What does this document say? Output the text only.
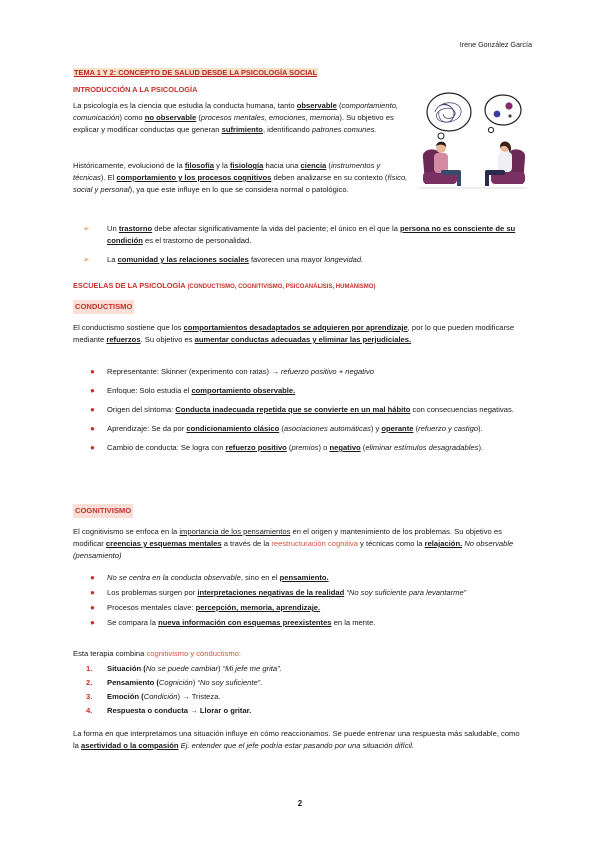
Irene González García
TEMA 1 Y 2: CONCEPTO DE SALUD DESDE LA PSICOLOGÍA SOCIAL
INTRODUCCIÓN A LA PSICOLOGÍA
La psicología es la ciencia que estudia la conducta humana, tanto observable (comportamiento, comunicación) como no observable (procesos mentales, emociones, memoria). Su objetivo es explicar y modificar conductas que generan sufrimiento, identificando patrones comunes.
Históricamente, evolucionó de la filosofía y la fisiología hacia una ciencia (instrumentos y técnicas). El comportamiento y los procesos cognitivos deben analizarse en su contexto (físico, social y personal), ya que este influye en lo que se considera normal o patológico.
➢ Un trastorno debe afectar significativamente la vida del paciente; el único en el que la persona no es consciente de su condición es el trastorno de personalidad.
➢ La comunidad y las relaciones sociales favorecen una mayor longevidad.
ESCUELAS DE LA PSICOLOGÍA (CONDUCTISMO, COGNITIVISMO, PSICOANÁLISIS, HUMANISMO)
CONDUCTISMO
El conductismo sostiene que los comportamientos desadaptados se adquieren por aprendizaje, por lo que pueden modificarse mediante refuerzos. Su objetivo es aumentar conductas adecuadas y eliminar las perjudiciales.
● Representante: Skinner (experimento con ratas) → refuerzo positivo + negativo
● Enfoque: Solo estudia el comportamiento observable.
● Origen del síntoma: Conducta inadecuada repetida que se convierte en un mal hábito con consecuencias negativas.
● Aprendizaje: Se da por condicionamiento clásico (asociaciones automáticas) y operante (refuerzo y castigo).
● Cambio de conducta: Se logra con refuerzo positivo (premios) o negativo (eliminar estímulos desagradables).
COGNITIVISMO
El cognitivismo se enfoca en la importancia de los pensamientos en el origen y mantenimiento de los problemas. Su objetivo es modificar creencias y esquemas mentales a través de la reestructuración cognitiva y técnicas como la relajación. No observable (pensamiento)
● No se centra en la conducta observable, sino en el pensamiento.
● Los problemas surgen por interpretaciones negativas de la realidad “No soy suficiente para levantarme”
● Procesos mentales clave: percepción, memoria, aprendizaje.
● Se compara la nueva información con esquemas preexistentes en la mente.
Esta terapia combina cognitivismo y conductismo:
1. Situación (No se puede cambiar) “Mi jefe me grita”.
2. Pensamiento (Cognición) “No soy suficiente”.
3. Emoción (Condición) → Tristeza.
4. Respuesta o conducta → Llorar o gritar.
La forma en que interpretamos una situación influye en cómo reaccionamos. Se puede entrenar una respuesta más saludable, como la asertividad o la compasión Ej. entender que el jefe podría estar pasando por una situación difícil.
2
